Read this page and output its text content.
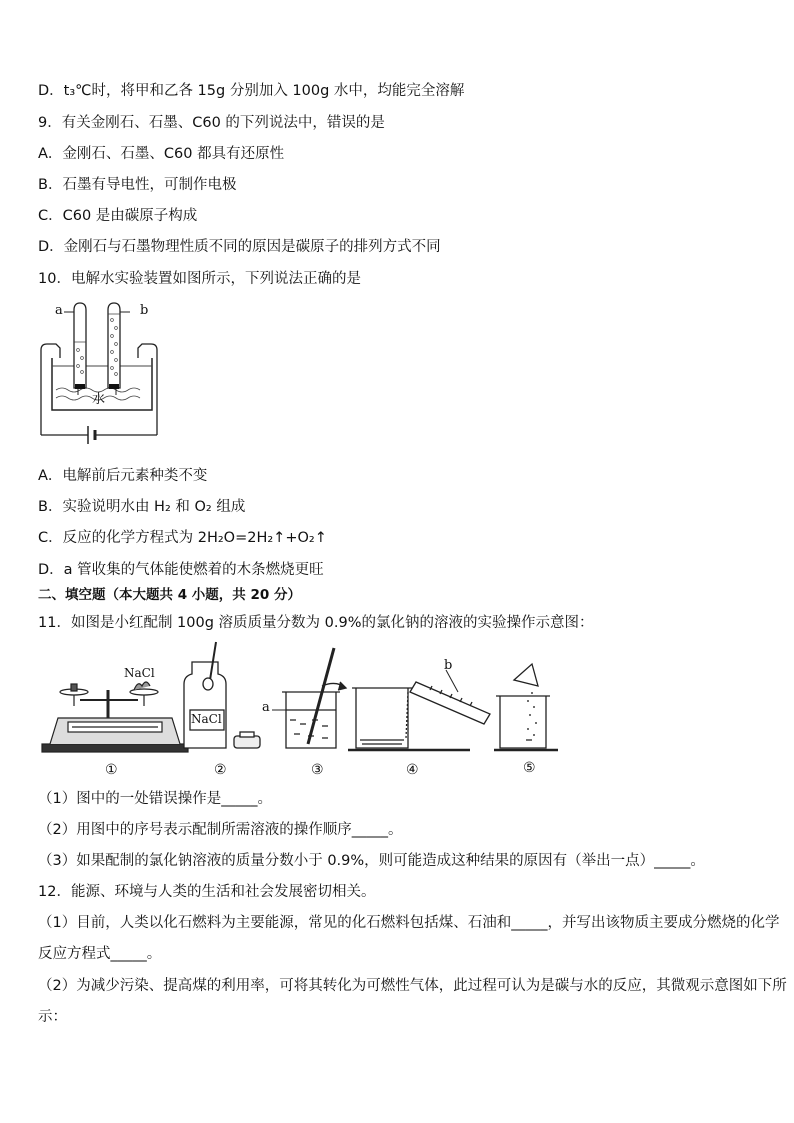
D．t₃℃时，将甲和乙各 15g 分别加入 100g 水中，均能完全溶解
9．有关金刚石、石墨、C60 的下列说法中，错误的是
A．金刚石、石墨、C60 都具有还原性
B．石墨有导电性，可制作电极
C．C60 是由碳原子构成
D．金刚石与石墨物理性质不同的原因是碳原子的排列方式不同
10．电解水实验装置如图所示，下列说法正确的是
a	b
水
A．电解前后元素种类不变
B．实验说明水由 H₂ 和 O₂ 组成
C．反应的化学方程式为 2H₂O=2H₂↑+O₂↑
D．a 管收集的气体能使燃着的木条燃烧更旺
二、填空题（本大题共 4 小题，共 20 分）
11．如图是小红配制 100g 溶质质量分数为 0.9%的氯化钠的溶液的实验操作示意图：
NaCl
NaCl
a
b
①	②	③	④	⑤
（1）图中的一处错误操作是_____。
（2）用图中的序号表示配制所需溶液的操作顺序_____。
（3）如果配制的氯化钠溶液的质量分数小于 0.9%，则可能造成这种结果的原因有（举出一点）_____。
12．能源、环境与人类的生活和社会发展密切相关。
（1）目前，人类以化石燃料为主要能源，常见的化石燃料包括煤、石油和_____，并写出该物质主要成分燃烧的化学
反应方程式_____。
（2）为减少污染、提高煤的利用率，可将其转化为可燃性气体，此过程可认为是碳与水的反应，其微观示意图如下所
示：
